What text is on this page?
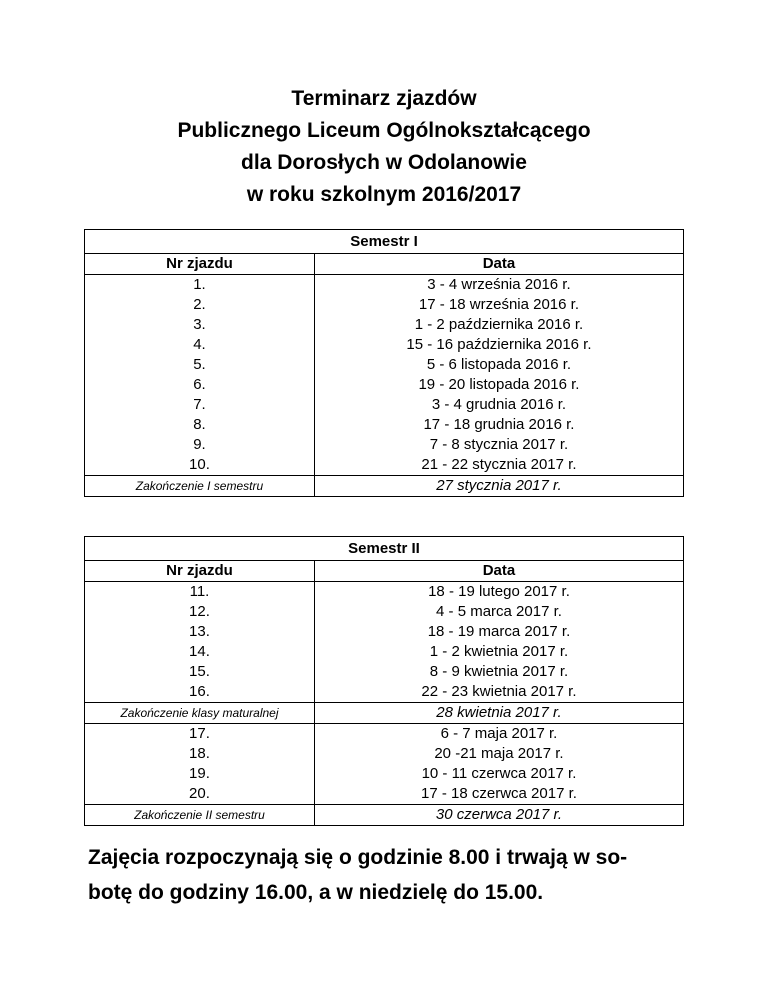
Terminarz zjazdów
Publicznego Liceum Ogólnokształcącego
dla Dorosłych w Odolanowie
w roku szkolnym 2016/2017
Semestr I	
Nr zjazdu	Data
1.	3 - 4 września 2016 r.
2.	17 - 18 września 2016 r.
3.	1 - 2 października 2016 r.
4.	15 - 16 października 2016 r.
5.	5 - 6 listopada 2016 r.
6.	19 - 20 listopada 2016 r.
7.	3 - 4 grudnia 2016 r.
8.	17 - 18 grudnia 2016 r.
9.	7 - 8 stycznia 2017 r.
10.	21 - 22 stycznia 2017 r.
Zakończenie I semestru	27 stycznia 2017 r.
Semestr II	
Nr zjazdu	Data
11.	18 - 19 lutego 2017 r.
12.	4 - 5 marca 2017 r.
13.	18 - 19 marca 2017 r.
14.	1 - 2 kwietnia 2017 r.
15.	8 - 9 kwietnia 2017 r.
16.	22 - 23 kwietnia 2017 r.
Zakończenie klasy maturalnej	28 kwietnia 2017 r.
17.	6 - 7 maja 2017 r.
18.	20 -21 maja 2017 r.
19.	10 - 11 czerwca 2017 r.
20.	17 - 18 czerwca 2017 r.
Zakończenie II semestru	30 czerwca 2017 r.
Zajęcia rozpoczynają się o godzinie 8.00 i trwają w so-
botę do godziny 16.00, a w niedzielę do 15.00.
